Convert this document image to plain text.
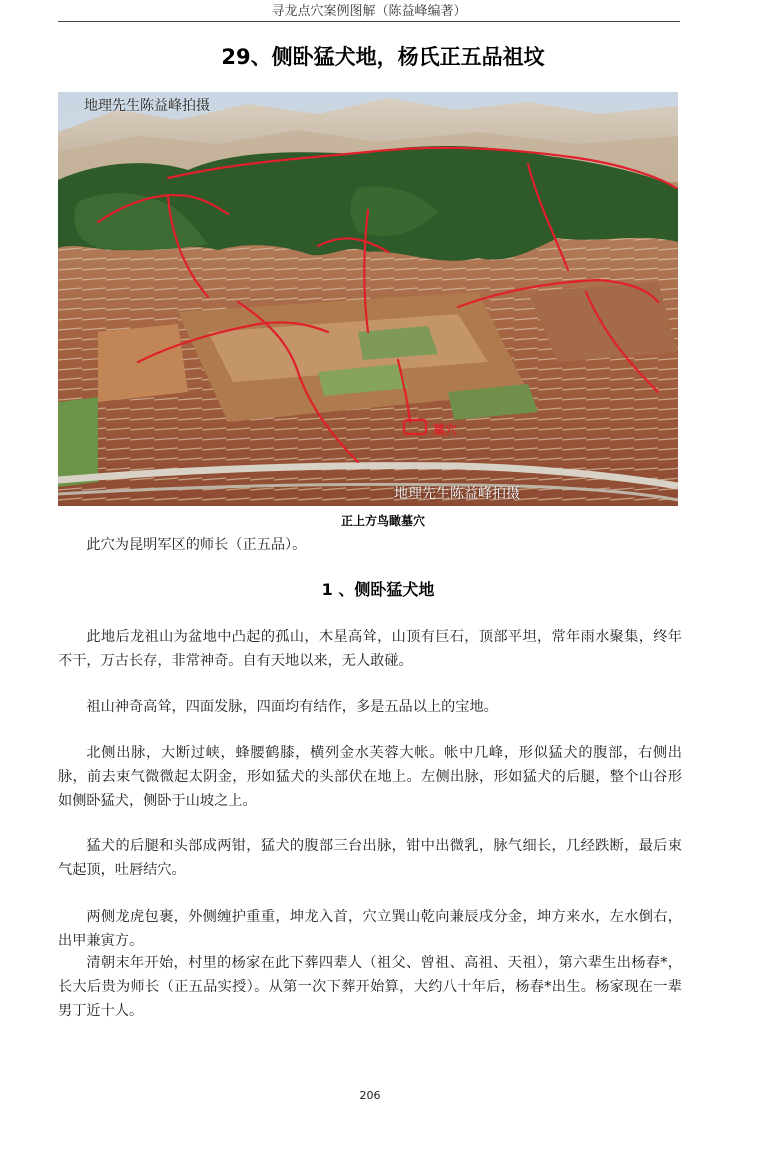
寻龙点穴案例图解（陈益峰编著）
29、侧卧猛犬地，杨氏正五品祖坟
地理先生陈益峰拍摄
墓穴
地理先生陈益峰拍摄
正上方鸟瞰墓穴

此穴为昆明军区的师长（正五品）。

1 、侧卧猛犬地

此地后龙祖山为盆地中凸起的孤山，木星高耸，山顶有巨石，顶部平坦，常年雨水聚集，终年不干，万古长存，非常神奇。自有天地以来，无人敢碰。

祖山神奇高耸，四面发脉，四面均有结作，多是五品以上的宝地。

北侧出脉，大断过峡，蜂腰鹤膝，横列金水芙蓉大帐。帐中几峰，形似猛犬的腹部，右侧出脉，前去束气微微起太阴金，形如猛犬的头部伏在地上。左侧出脉，形如猛犬的后腿，整个山谷形如侧卧猛犬，侧卧于山坡之上。

猛犬的后腿和头部成两钳，猛犬的腹部三台出脉，钳中出微乳，脉气细长，几经跌断，最后束气起顶，吐唇结穴。

两侧龙虎包裹，外侧缠护重重，坤龙入首，穴立巽山乾向兼辰戌分金，坤方来水，左水倒右，出甲兼寅方。

清朝末年开始，村里的杨家在此下葬四辈人（祖父、曾祖、高祖、天祖），第六辈生出杨春*，长大后贵为师长（正五品实授）。从第一次下葬开始算，大约八十年后，杨春*出生。杨家现在一辈男丁近十人。

206
